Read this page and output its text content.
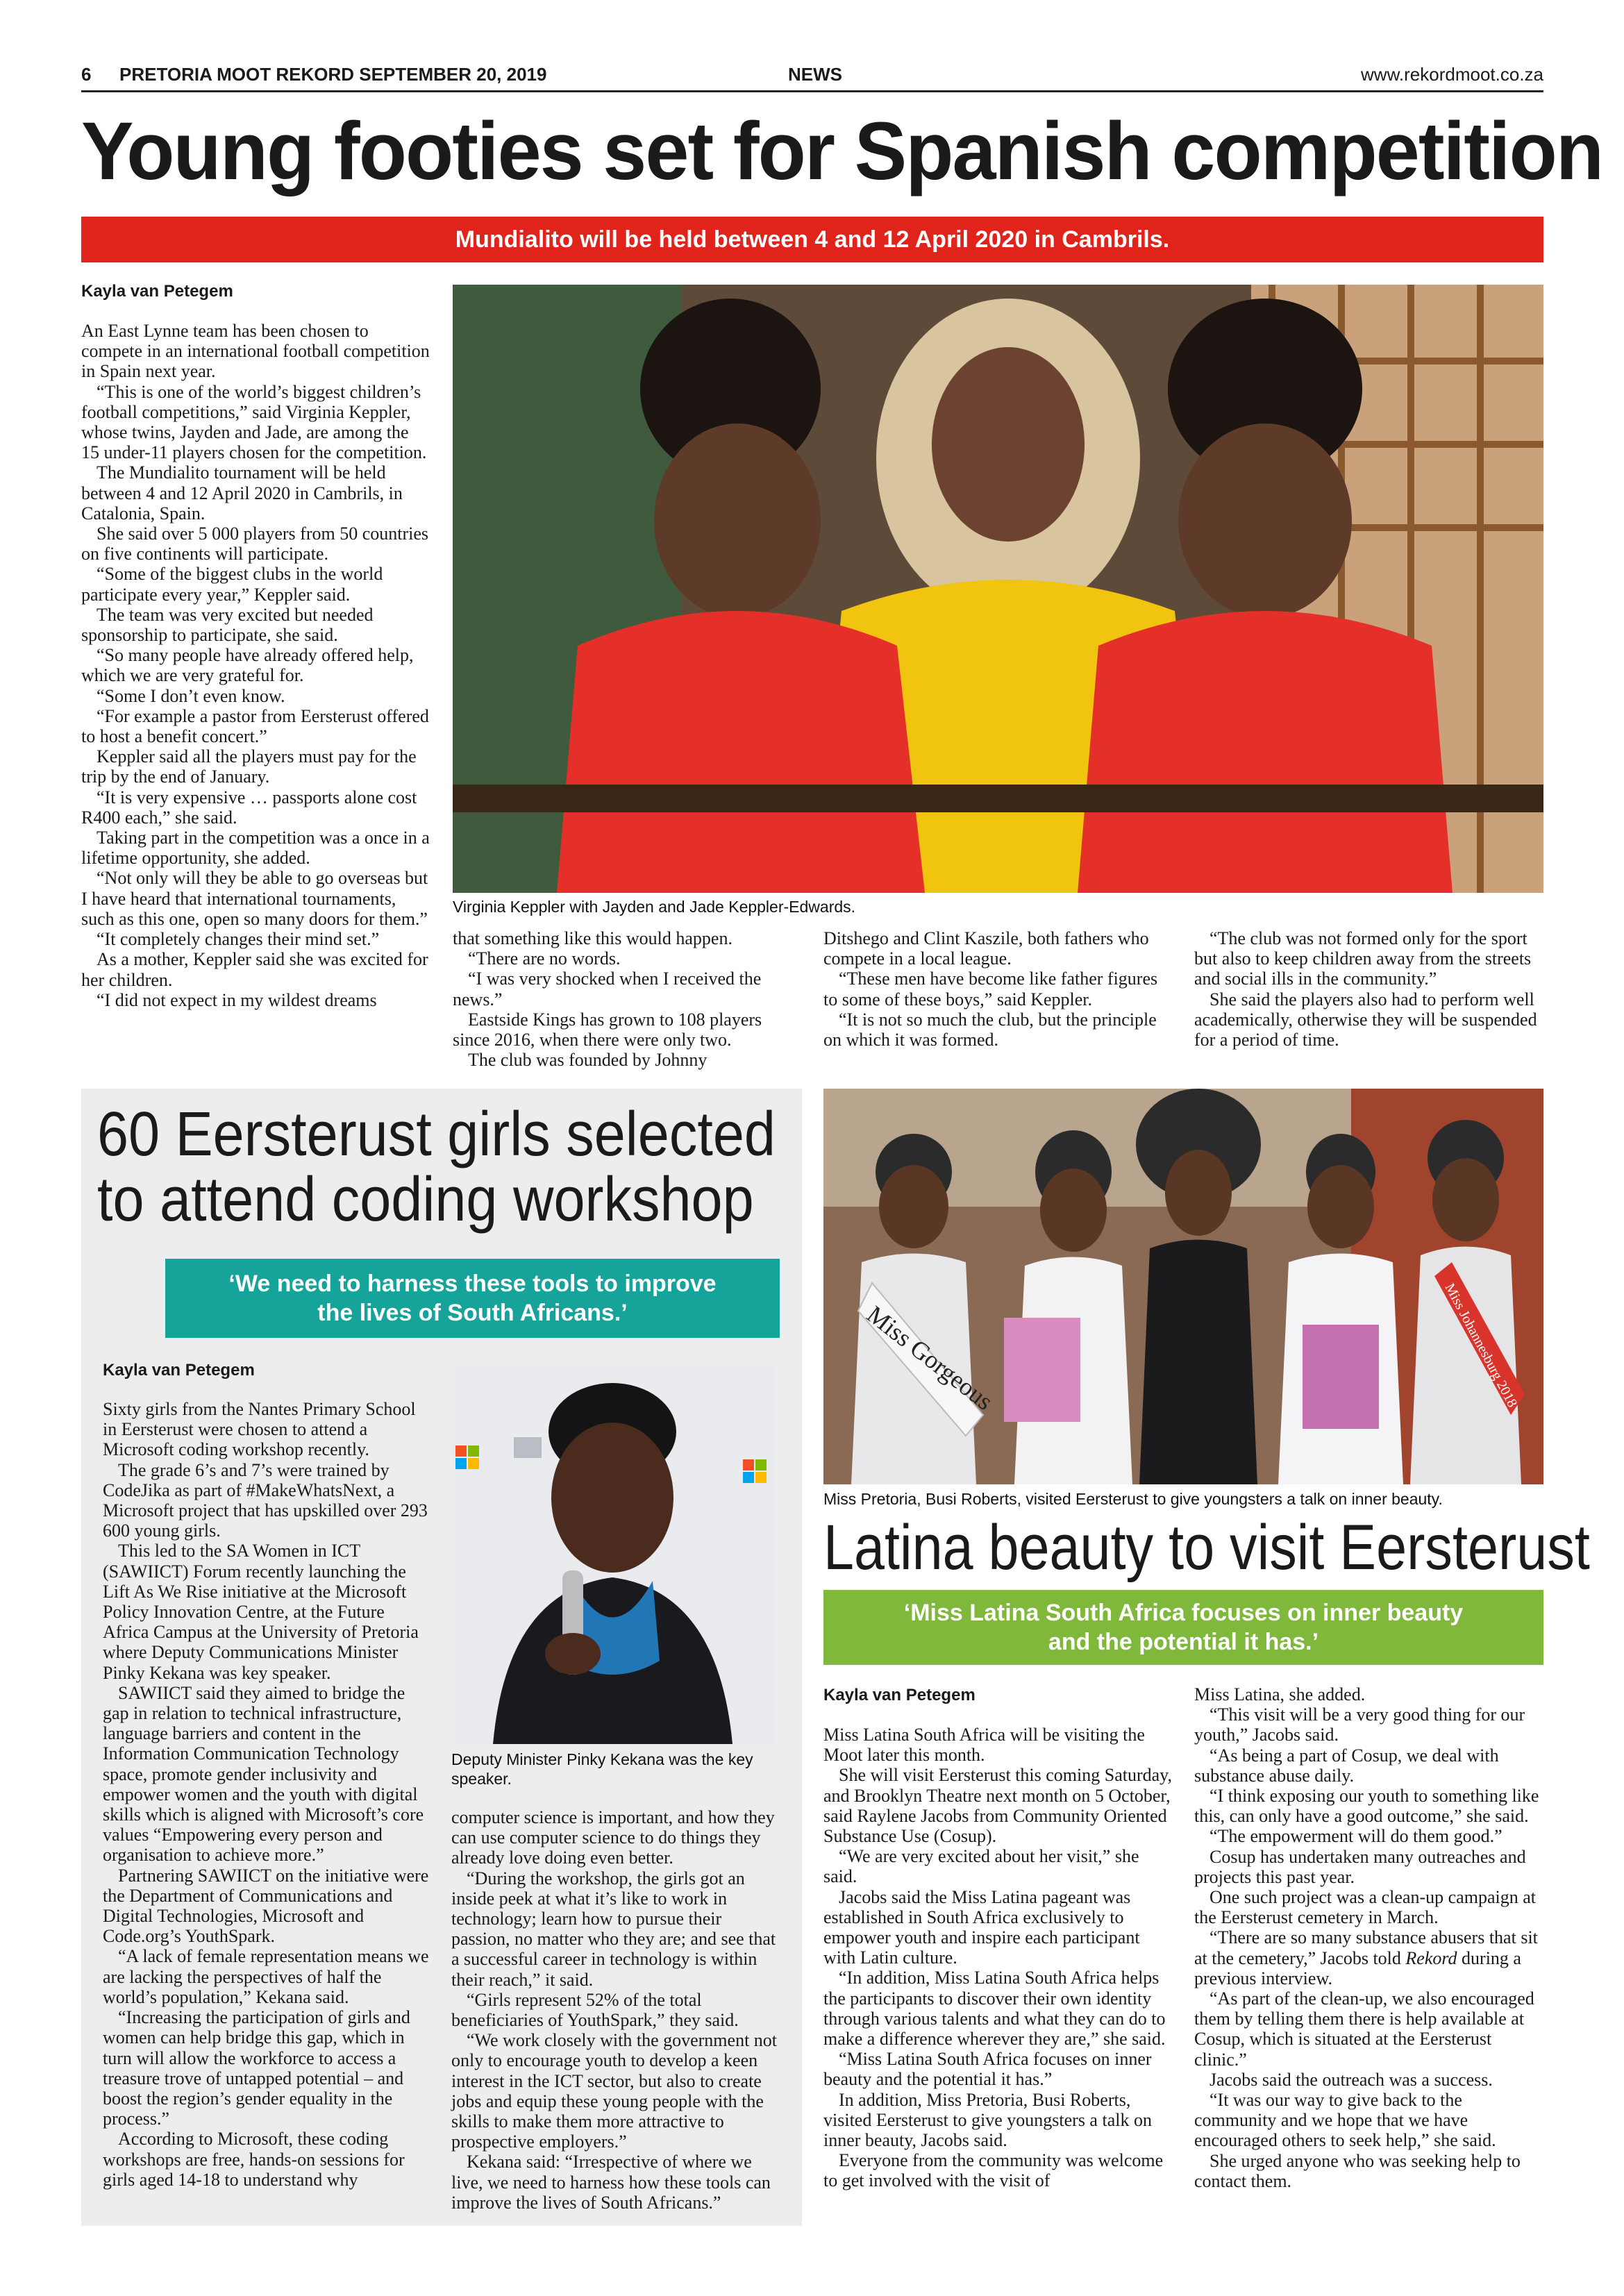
6 PRETORIA MOOT REKORD SEPTEMBER 20, 2019	NEWS	www.rekordmoot.co.za
Young footies set for Spanish competition
Mundialito will be held between 4 and 12 April 2020 in Cambrils.
Kayla van Petegem

An East Lynne team has been chosen to compete in an international football competition in Spain next year.

“This is one of the world’s biggest children’s football competitions,” said Virginia Keppler, whose twins, Jayden and Jade, are among the 15 under-11 players chosen for the competition.

The Mundialito tournament will be held between 4 and 12 April 2020 in Cambrils, in Catalonia, Spain.

She said over 5 000 players from 50 countries on five continents will participate.

“Some of the biggest clubs in the world participate every year,” Keppler said.

The team was very excited but needed sponsorship to participate, she said.

“So many people have already offered help, which we are very grateful for.

“Some I don’t even know.

“For example a pastor from Eersterust offered to host a benefit concert.”

Keppler said all the players must pay for the trip by the end of January.

“It is very expensive … passports alone cost R400 each,” she said.

Taking part in the competition was a once in a lifetime opportunity, she added.

“Not only will they be able to go overseas but I have heard that international tournaments, such as this one, open so many doors for them.”

“It completely changes their mind set.”

As a mother, Keppler said she was excited for her children.

“I did not expect in my wildest dreams

Virginia Keppler with Jayden and Jade Keppler-Edwards.

that something like this would happen.

“There are no words.

“I was very shocked when I received the news.”

Eastside Kings has grown to 108 players since 2016, when there were only two.

The club was founded by Johnny

Ditshego and Clint Kaszile, both fathers who compete in a local league.

“These men have become like father figures to some of these boys,” said Keppler.

“It is not so much the club, but the principle on which it was formed.

“The club was not formed only for the sport but also to keep children away from the streets and social ills in the community.”

She said the players also had to perform well academically, otherwise they will be suspended for a period of time.

60 Eersterust girls selected
to attend coding workshop
‘We need to harness these tools to improve
the lives of South Africans.’
Kayla van Petegem

Sixty girls from the Nantes Primary School in Eersterust were chosen to attend a Microsoft coding workshop recently.

The grade 6’s and 7’s were trained by CodeJika as part of #MakeWhatsNext, a Microsoft project that has upskilled over 293 600 young girls.

This led to the SA Women in ICT (SAWIICT) Forum recently launching the Lift As We Rise initiative at the Microsoft Policy Innovation Centre, at the Future Africa Campus at the University of Pretoria where Deputy Communications Minister Pinky Kekana was key speaker.

SAWIICT said they aimed to bridge the gap in relation to technical infrastructure, language barriers and content in the Information Communication Technology space, promote gender inclusivity and empower women and the youth with digital skills which is aligned with Microsoft’s core values “Empowering every person and organisation to achieve more.”

Partnering SAWIICT on the initiative were the Department of Communications and Digital Technologies, Microsoft and Code.org’s YouthSpark.

“A lack of female representation means we are lacking the perspectives of half the world’s population,” Kekana said.

“Increasing the participation of girls and women can help bridge this gap, which in turn will allow the workforce to access a treasure trove of untapped potential – and boost the region’s gender equality in the process.”

According to Microsoft, these coding workshops are free, hands-on sessions for girls aged 14-18 to understand why

Deputy Minister Pinky Kekana was the key speaker.

computer science is important, and how they can use computer science to do things they already love doing even better.

“During the workshop, the girls got an inside peek at what it’s like to work in technology; learn how to pursue their passion, no matter who they are; and see that a successful career in technology is within their reach,” it said.

“Girls represent 52% of the total beneficiaries of YouthSpark,” they said.

“We work closely with the government not only to encourage youth to develop a keen interest in the ICT sector, but also to create jobs and equip these young people with the skills to make them more attractive to prospective employers.”

Kekana said: “Irrespective of where we live, we need to harness how these tools can improve the lives of South Africans.”

Miss Gorgeous	Miss Johannesburg 2018
Miss Pretoria, Busi Roberts, visited Eersterust to give youngsters a talk on inner beauty.
Latina beauty to visit Eersterust
‘Miss Latina South Africa focuses on inner beauty
and the potential it has.’
Kayla van Petegem

Miss Latina South Africa will be visiting the Moot later this month.

She will visit Eersterust this coming Saturday, and Brooklyn Theatre next month on 5 October, said Raylene Jacobs from Community Oriented Substance Use (Cosup).

“We are very excited about her visit,” she said.

Jacobs said the Miss Latina pageant was established in South Africa exclusively to empower youth and inspire each participant with Latin culture.

“In addition, Miss Latina South Africa helps the participants to discover their own identity through various talents and what they can do to make a difference wherever they are,” she said.

“Miss Latina South Africa focuses on inner beauty and the potential it has.”

In addition, Miss Pretoria, Busi Roberts, visited Eersterust to give youngsters a talk on inner beauty, Jacobs said.

Everyone from the community was welcome to get involved with the visit of

Miss Latina, she added.

“This visit will be a very good thing for our youth,” Jacobs said.

“As being a part of Cosup, we deal with substance abuse daily.

“I think exposing our youth to something like this, can only have a good outcome,” she said.

“The empowerment will do them good.”

Cosup has undertaken many outreaches and projects this past year.

One such project was a clean-up campaign at the Eersterust cemetery in March.

“There are so many substance abusers that sit at the cemetery,” Jacobs told Rekord during a previous interview.

“As part of the clean-up, we also encouraged them by telling them there is help available at Cosup, which is situated at the Eersterust clinic.”

Jacobs said the outreach was a success.

“It was our way to give back to the community and we hope that we have encouraged others to seek help,” she said.

She urged anyone who was seeking help to contact them.
